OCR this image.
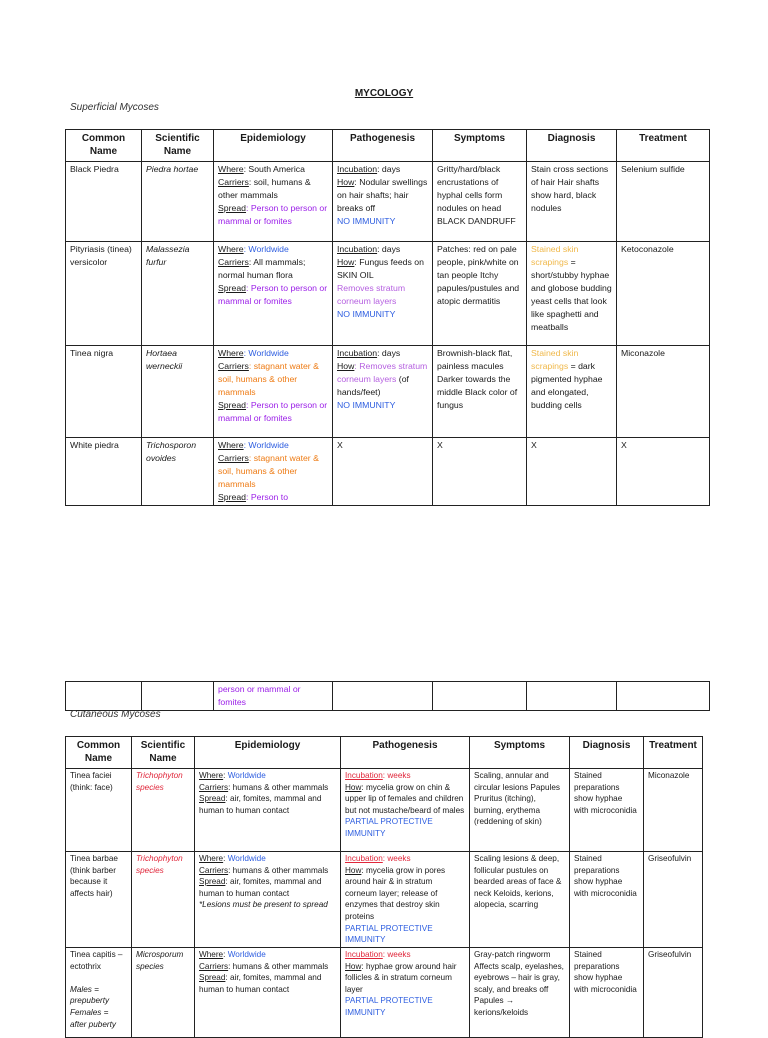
MYCOLOGY
Superficial Mycoses
Common Name	Scientific Name	Epidemiology	Pathogenesis	Symptoms	Diagnosis	Treatment
Black Piedra	Piedra hortae	Where: South America
Carriers: soil, humans & other mammals
Spread: Person to person or mammal or fomites	Incubation: days
How: Nodular swellings on hair shafts; hair breaks off
NO IMMUNITY	Gritty/hard/black encrustations of hyphal cells form nodules on head BLACK DANDRUFF	Stain cross sections of hair Hair shafts show hard, black nodules	Selenium sulfide
Pityriasis (tinea) versicolor	Malassezia furfur	Where: Worldwide
Carriers: All mammals; normal human flora
Spread: Person to person or mammal or fomites	Incubation: days
How: Fungus feeds on SKIN OIL
Removes stratum corneum layers
NO IMMUNITY	Patches: red on pale people, pink/white on tan people Itchy papules/pustules and atopic dermatitis	Stained skin scrapings = short/stubby hyphae and globose budding yeast cells that look like spaghetti and meatballs	Ketoconazole
Tinea nigra	Hortaea werneckii	Where: Worldwide
Carriers: stagnant water & soil, humans & other mammals
Spread: Person to person or mammal or fomites	Incubation: days
How: Removes stratum corneum layers (of hands/feet)
NO IMMUNITY	Brownish-black flat, painless macules Darker towards the middle Black color of fungus	Stained skin scrapings = dark pigmented hyphae and elongated, budding cells	Miconazole
White piedra	Trichosporon ovoides	Where: Worldwide
Carriers: stagnant water & soil, humans & other mammals
Spread: Person to	X	X	X	X
		person or mammal or fomites				
Cutaneous Mycoses
Common Name	Scientific Name	Epidemiology	Pathogenesis	Symptoms	Diagnosis	Treatment
Tinea faciei (think: face)	Trichophyton species	Where: Worldwide
Carriers: humans & other mammals
Spread: air, fomites, mammal and human to human contact	Incubation: weeks
How: mycelia grow on chin & upper lip of females and children but not mustache/beard of males
PARTIAL PROTECTIVE IMMUNITY	Scaling, annular and circular lesions Papules Pruritus (itching), burning, erythema (reddening of skin)	Stained preparations show hyphae with microconidia	Miconazole
Tinea barbae (think barber because it affects hair)	Trichophyton species	Where: Worldwide
Carriers: humans & other mammals
Spread: air, fomites, mammal and human to human contact
*Lesions must be present to spread	Incubation: weeks
How: mycelia grow in pores around hair & in stratum corneum layer; release of enzymes that destroy skin proteins
PARTIAL PROTECTIVE IMMUNITY	Scaling lesions & deep, follicular pustules on bearded areas of face & neck Keloids, kerions, alopecia, scarring	Stained preparations show hyphae with microconidia	Griseofulvin
Tinea capitis – ectothrix

Males = prepuberty Females = after puberty	Microsporum species	Where: Worldwide
Carriers: humans & other mammals
Spread: air, fomites, mammal and human to human contact	Incubation: weeks
How: hyphae grow around hair follicles & in stratum corneum layer
PARTIAL PROTECTIVE IMMUNITY	Gray-patch ringworm Affects scalp, eyelashes, eyebrows – hair is gray, scaly, and breaks off Papules → kerions/keloids	Stained preparations show hyphae with microconidia	Griseofulvin
